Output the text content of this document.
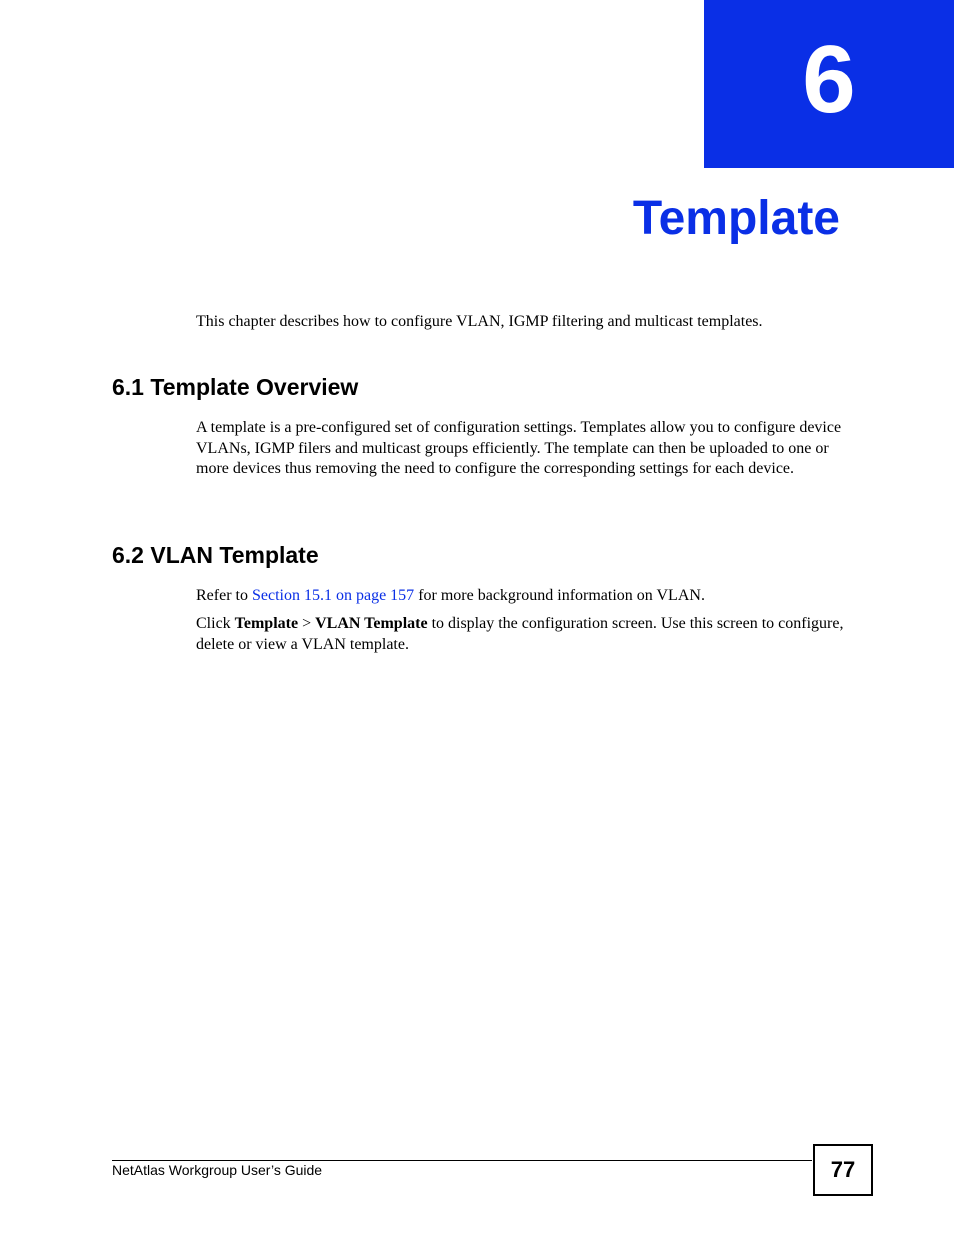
6
Template

This chapter describes how to configure VLAN, IGMP filtering and multicast templates.

6.1 Template Overview

A template is a pre-configured set of configuration settings. Templates allow you to configure device VLANs, IGMP filers and multicast groups efficiently. The template can then be uploaded to one or more devices thus removing the need to configure the corresponding settings for each device.

6.2 VLAN Template

Refer to Section 15.1 on page 157 for more background information on VLAN.

Click Template > VLAN Template to display the configuration screen. Use this screen to configure, delete or view a VLAN template.

NetAtlas Workgroup User’s Guide	77
